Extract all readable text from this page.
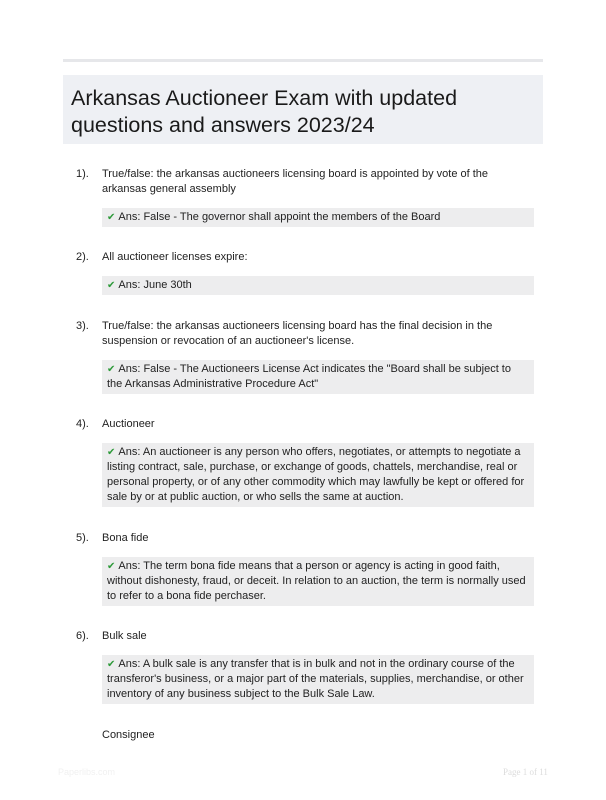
Arkansas Auctioneer Exam with updated questions and answers 2023/24
1). True/false: the arkansas auctioneers licensing board is appointed by vote of the arkansas general assembly
✔ Ans: False - The governor shall appoint the members of the Board
2). All auctioneer licenses expire:
✔ Ans: June 30th
3). True/false: the arkansas auctioneers licensing board has the final decision in the suspension or revocation of an auctioneer's license.
✔ Ans: False - The Auctioneers License Act indicates the "Board shall be subject to the Arkansas Administrative Procedure Act"
4). Auctioneer
✔ Ans: An auctioneer is any person who offers, negotiates, or attempts to negotiate a listing contract, sale, purchase, or exchange of goods, chattels, merchandise, real or personal property, or of any other commodity which may lawfully be kept or offered for sale by or at public auction, or who sells the same at auction.
5). Bona fide
✔ Ans: The term bona fide means that a person or agency is acting in good faith, without dishonesty, fraud, or deceit. In relation to an auction, the term is normally used to refer to a bona fide perchaser.
6). Bulk sale
✔ Ans: A bulk sale is any transfer that is in bulk and not in the ordinary course of the transferor's business, or a major part of the materials, supplies, merchandise, or other inventory of any business subject to the Bulk Sale Law.
Consignee
Paperlibs.com	Page 1 of 11
